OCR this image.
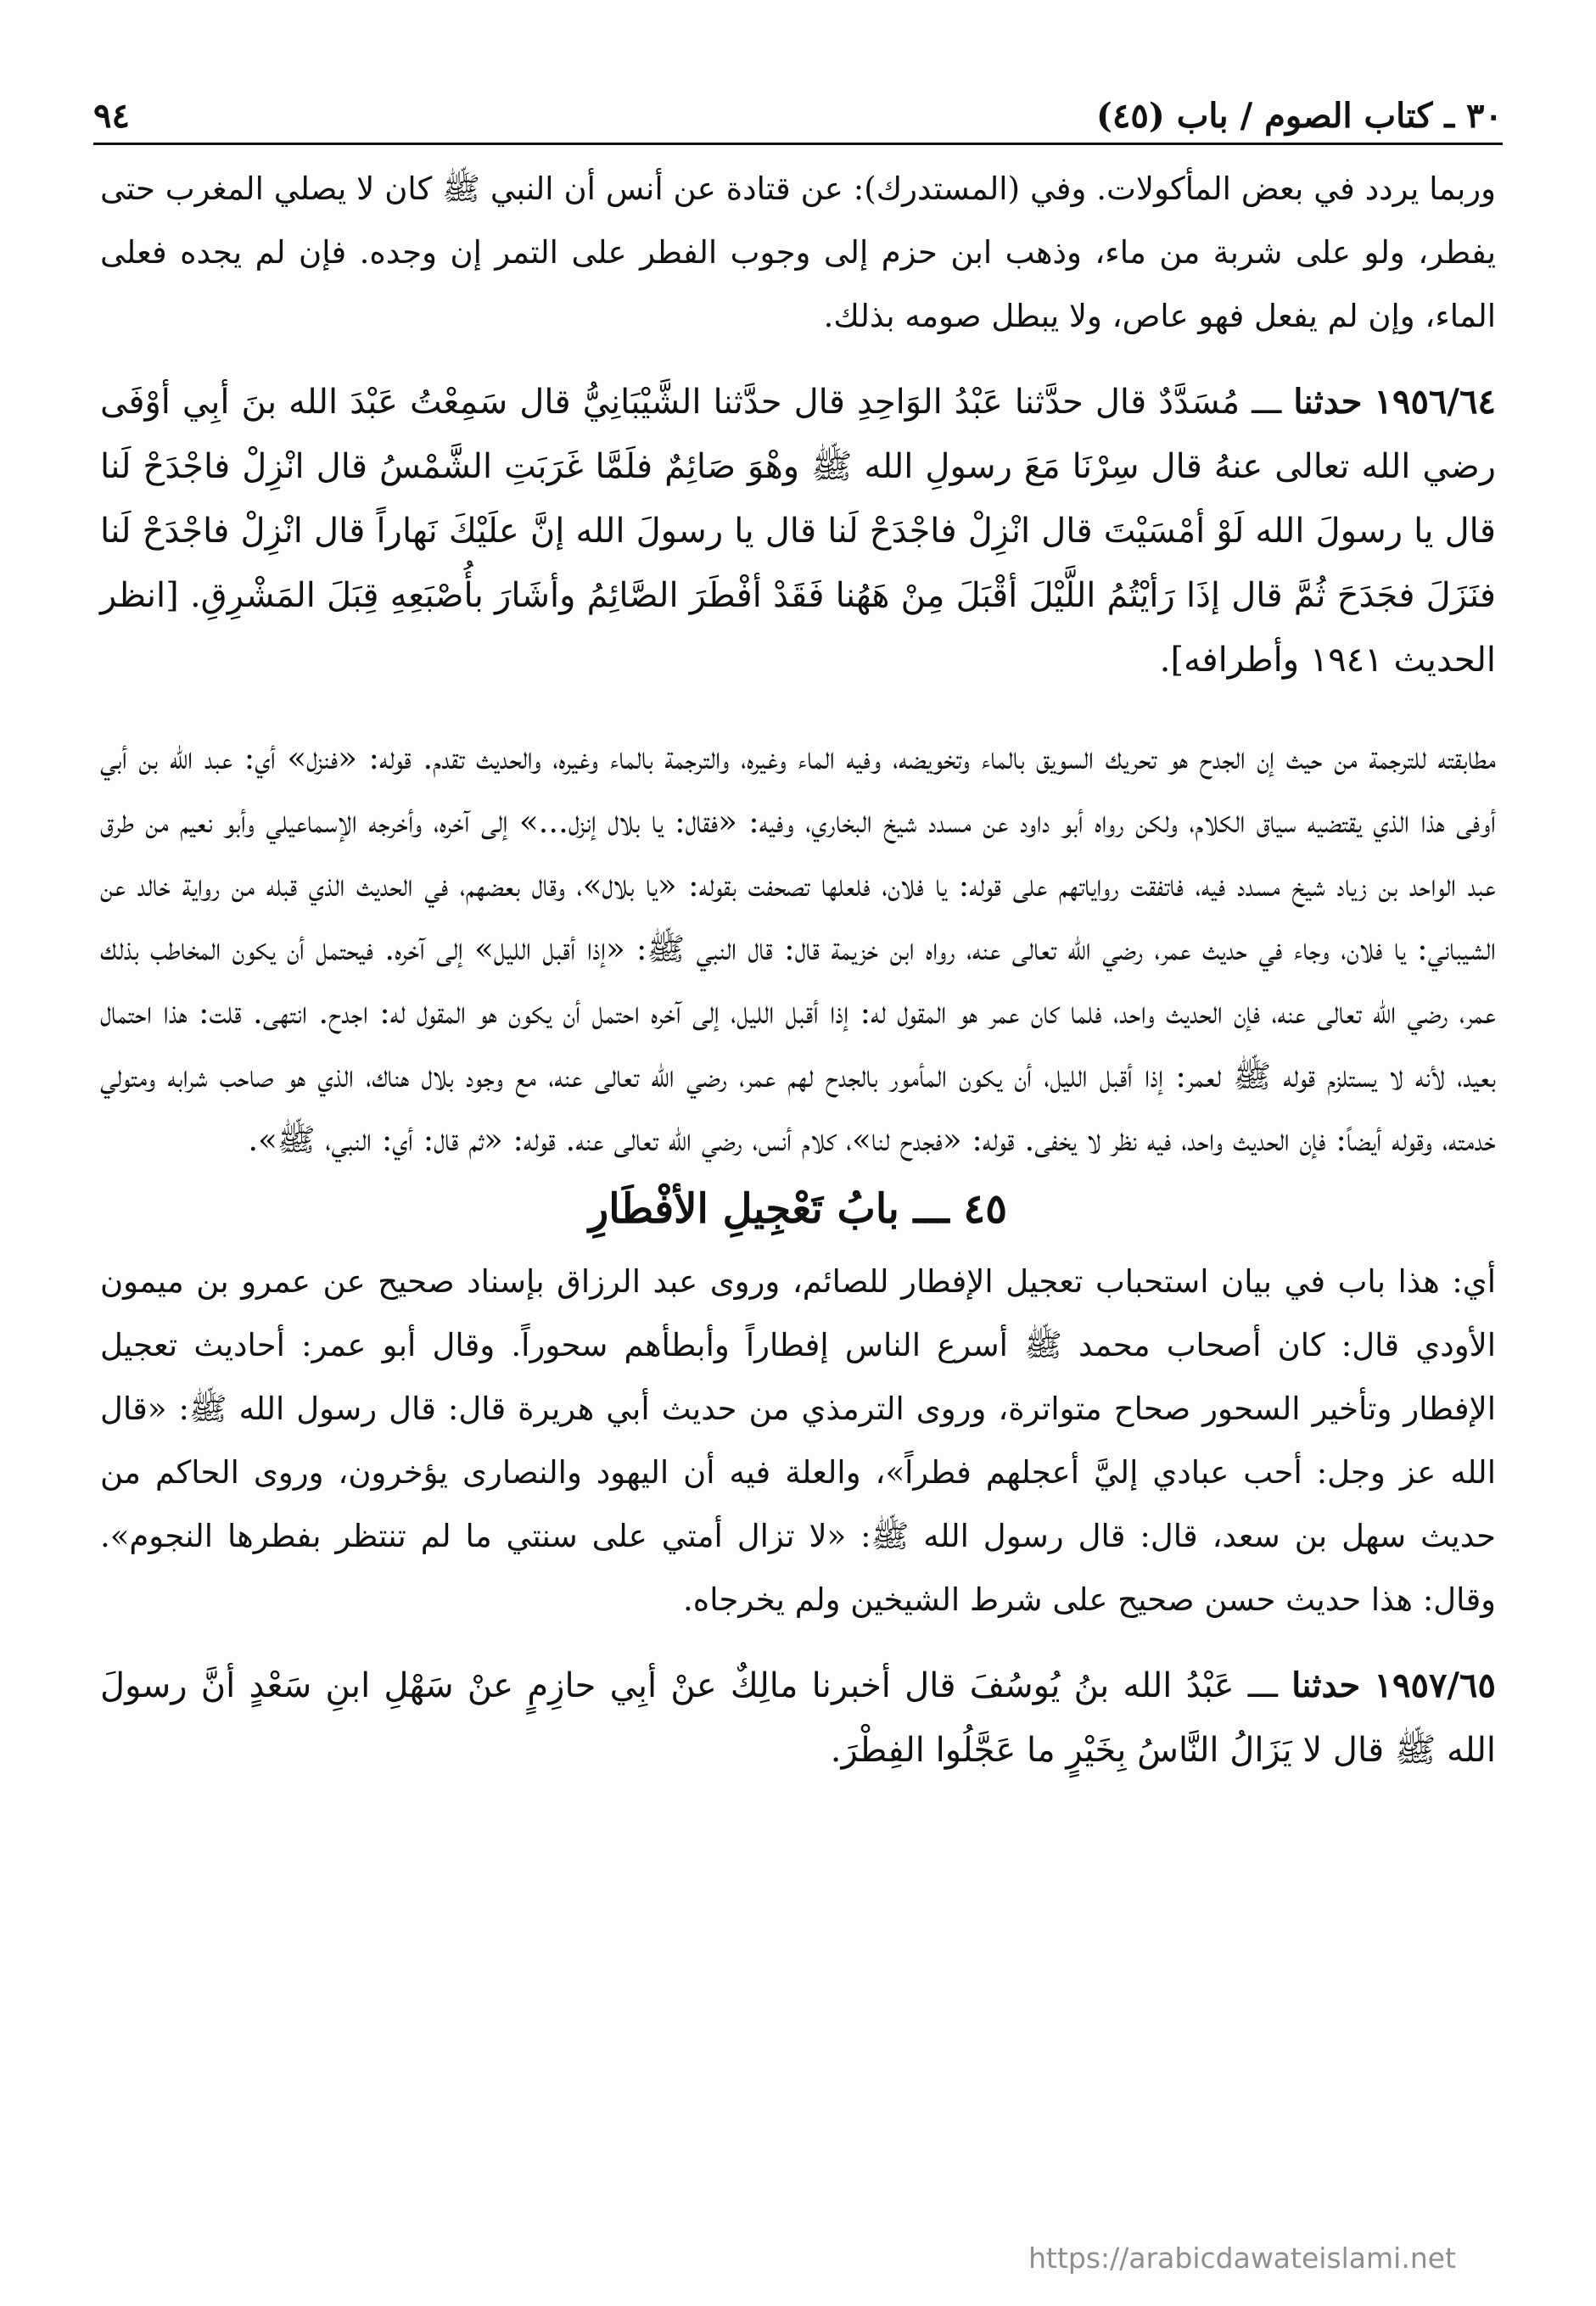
٣٠ ـ كتاب الصوم / باب (٤٥)
٩٤

وربما يردد في بعض المأكولات. وفي (المستدرك): عن قتادة عن أنس أن النبي ﷺ كان لا يصلي المغرب حتى يفطر، ولو على شربة من ماء، وذهب ابن حزم إلى وجوب الفطر على التمر إن وجده. فإن لم يجده فعلى الماء، وإن لم يفعل فهو عاص، ولا يبطل صومه بذلك.

١٩٥٦/٦٤ حدثنا ـــ مُسَدَّدٌ قال حدَّثنا عَبْدُ الوَاحِدِ قال حدَّثنا الشَّيْبَانِيُّ قال سَمِعْتُ عَبْدَ الله بنَ أبِي أوْفَى رضي الله تعالى عنهُ قال سِرْنَا مَعَ رسولِ الله ﷺ وهْوَ صَائِمٌ فلَمَّا غَرَبَتِ الشَّمْسُ قال انْزِلْ فاجْدَحْ لَنا قال يا رسولَ الله لَوْ أمْسَيْتَ قال انْزِلْ فاجْدَحْ لَنا قال يا رسولَ الله إنَّ علَيْكَ نَهاراً قال انْزِلْ فاجْدَحْ لَنا فنَزَلَ فجَدَحَ ثُمَّ قال إذَا رَأيْتُمُ اللَّيْلَ أقْبَلَ مِنْ هَهُنا فَقَدْ أفْطَرَ الصَّائِمُ وأشَارَ بأُصْبَعِهِ قِبَلَ المَشْرِقِ. [انظر الحديث ١٩٤١ وأطرافه].

مطابقته للترجمة من حيث إن الجدح هو تحريك السويق بالماء وتخويضه، وفيه الماء وغيره، والترجمة بالماء وغيره، والحديث تقدم. قوله: «فنزل» أي: عبد الله بن أبي أوفى هذا الذي يقتضيه سياق الكلام، ولكن رواه أبو داود عن مسدد شيخ البخاري، وفيه: «فقال: يا بلال إنزل...» إلى آخره، وأخرجه الإسماعيلي وأبو نعيم من طرق عبد الواحد بن زياد شيخ مسدد فيه، فاتفقت رواياتهم على قوله: يا فلان، فلعلها تصحفت بقوله: «يا بلال»، وقال بعضهم، في الحديث الذي قبله من رواية خالد عن الشيباني: يا فلان، وجاء في حديث عمر، رضي الله تعالى عنه، رواه ابن خزيمة قال: قال النبي ﷺ: «إذا أقبل الليل» إلى آخره. فيحتمل أن يكون المخاطب بذلك عمر، رضي الله تعالى عنه، فإن الحديث واحد، فلما كان عمر هو المقول له: إذا أقبل الليل، إلى آخره احتمل أن يكون هو المقول له: اجدح. انتهى. قلت: هذا احتمال بعيد، لأنه لا يستلزم قوله ﷺ لعمر: إذا أقبل الليل، أن يكون المأمور بالجدح لهم عمر، رضي الله تعالى عنه، مع وجود بلال هناك، الذي هو صاحب شرابه ومتولي خدمته، وقوله أيضاً: فإن الحديث واحد، فيه نظر لا يخفى. قوله: «فجدح لنا»، كلام أنس، رضي الله تعالى عنه. قوله: «ثم قال: أي: النبي، ﷺ».

٤٥ ـــ بابُ تَعْجِيلِ الأفْطَارِ

أي: هذا باب في بيان استحباب تعجيل الإفطار للصائم، وروى عبد الرزاق بإسناد صحيح عن عمرو بن ميمون الأودي قال: كان أصحاب محمد ﷺ أسرع الناس إفطاراً وأبطأهم سحوراً. وقال أبو عمر: أحاديث تعجيل الإفطار وتأخير السحور صحاح متواترة، وروى الترمذي من حديث أبي هريرة قال: قال رسول الله ﷺ: «قال الله عز وجل: أحب عبادي إليَّ أعجلهم فطراً»، والعلة فيه أن اليهود والنصارى يؤخرون، وروى الحاكم من حديث سهل بن سعد، قال: قال رسول الله ﷺ: «لا تزال أمتي على سنتي ما لم تنتظر بفطرها النجوم». وقال: هذا حديث حسن صحيح على شرط الشيخين ولم يخرجاه.

١٩٥٧/٦٥ حدثنا ـــ عَبْدُ الله بنُ يُوسُفَ قال أخبرنا مالِكٌ عنْ أبِي حازِمٍ عنْ سَهْلِ ابنِ سَعْدٍ أنَّ رسولَ الله ﷺ قال لا يَزَالُ النَّاسُ بِخَيْرٍ ما عَجَّلُوا الفِطْرَ.

https://arabicdawateislami.net
